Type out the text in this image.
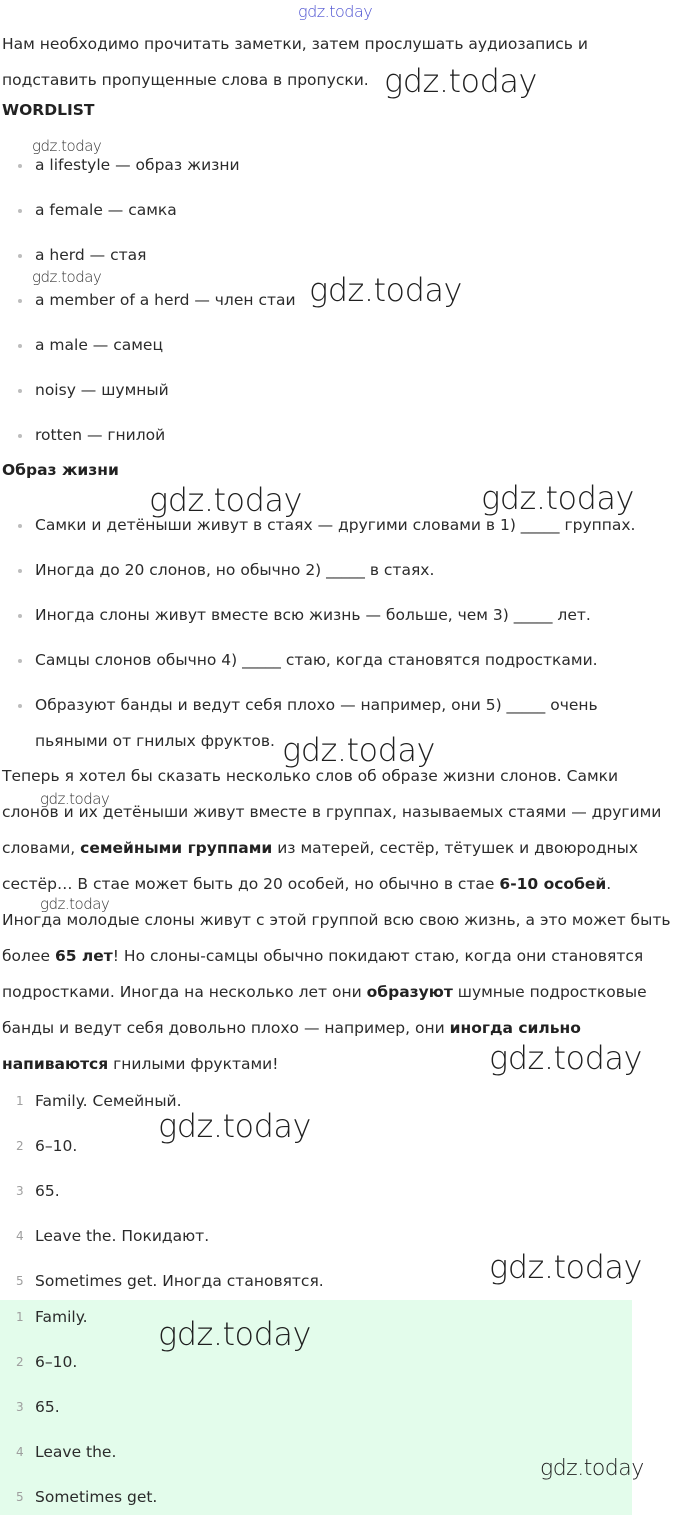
gdz.today
gdz.today
gdz.today
gdz.today	gdz.today
gdz.today	gdz.today
gdz.today
gdz.today
gdz.today
gdz.today
gdz.today
gdz.today
gdz.today
gdz.today

Нам необходимо прочитать заметки, затем прослушать аудиозапись и подставить пропущенные слова в пропуски.

WORDLIST
a lifestyle — образ жизни
a female — самка
a herd — стая
a member of a herd — член стаи
a male — самец
noisy — шумный
rotten — гнилой
Образ жизни
Самки и детёныши живут в стаях — другими словами в 1) _____ группах.
Иногда до 20 слонов, но обычно 2) _____ в стаях.
Иногда слоны живут вместе всю жизнь — больше, чем 3) _____ лет.
Самцы слонов обычно 4) _____ стаю, когда становятся подростками.
Образуют банды и ведут себя плохо — например, они 5) _____ очень пьяными от гнилых фруктов.

Теперь я хотел бы сказать несколько слов об образе жизни слонов. Самки слонов и их детёныши живут вместе в группах, называемых стаями — другими словами, семейными группами из матерей, сестёр, тётушек и двоюродных сестёр… В стае может быть до 20 особей, но обычно в стае 6-10 особей. Иногда молодые слоны живут с этой группой всю свою жизнь, а это может быть более 65 лет! Но слоны-самцы обычно покидают стаю, когда они становятся подростками. Иногда на несколько лет они образуют шумные подростковые банды и ведут себя довольно плохо — например, они иногда сильно напиваются гнилыми фруктами!

1 Family. Семейный.
2 6–10.
3 65.
4 Leave the. Покидают.
5 Sometimes get. Иногда становятся.
1 Family.
2 6–10.
3 65.
4 Leave the.
5 Sometimes get.
